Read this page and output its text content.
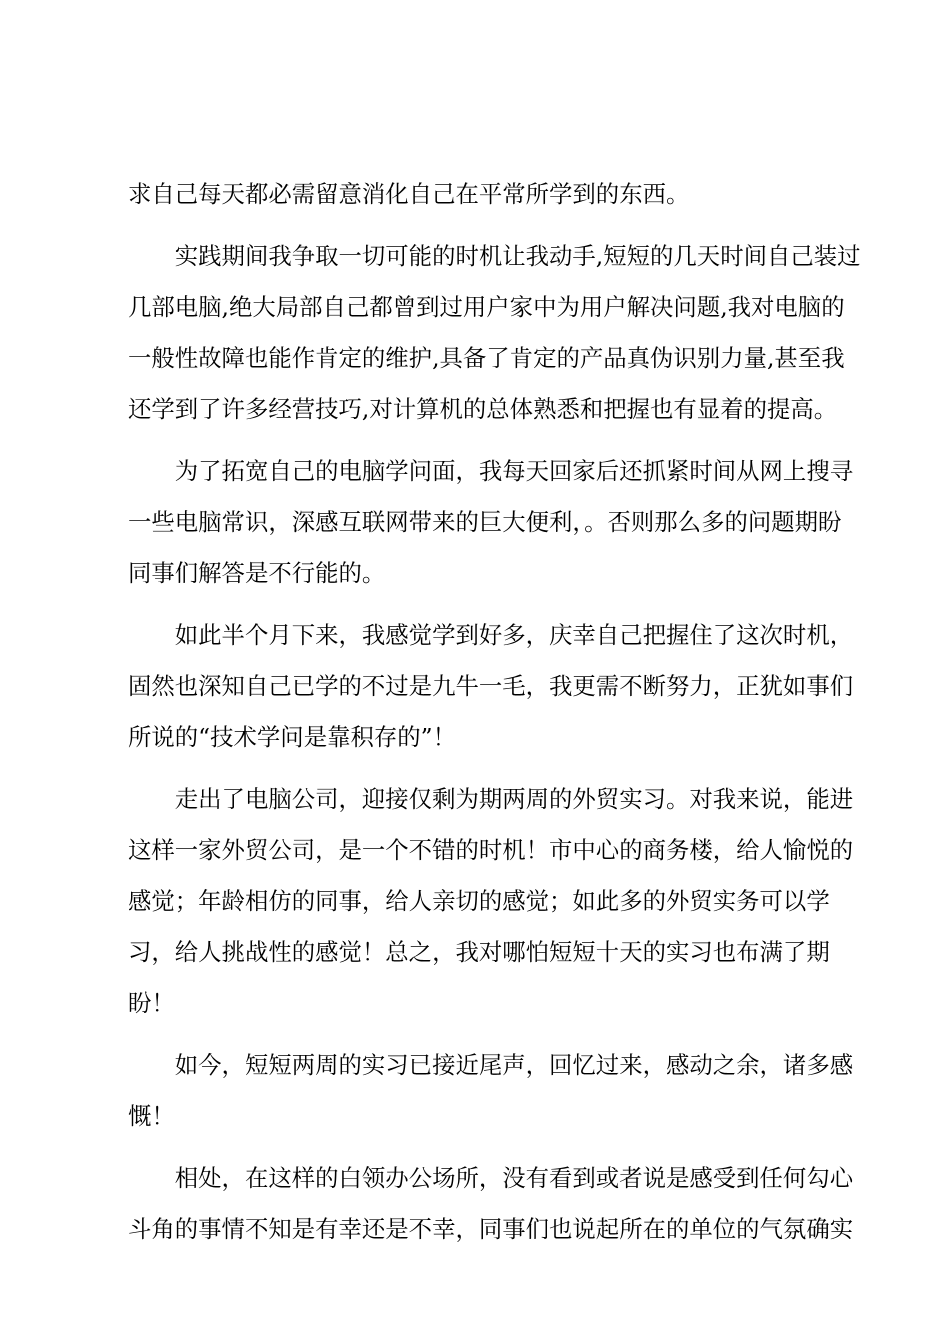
求自己每天都必需留意消化自己在平常所学到的东西。
　　实践期间我争取一切可能的时机让我动手,短短的几天时间自己装过
几部电脑,绝大局部自己都曾到过用户家中为用户解决问题,我对电脑的
一般性故障也能作肯定的维护,具备了肯定的产品真伪识别力量,甚至我
还学到了许多经营技巧,对计算机的总体熟悉和把握也有显着的提高。
　　为了拓宽自己的电脑学问面，我每天回家后还抓紧时间从网上搜寻
一些电脑常识，深感互联网带来的巨大便利，。否则那么多的问题期盼
同事们解答是不行能的。
　　如此半个月下来，我感觉学到好多，庆幸自己把握住了这次时机，
固然也深知自己已学的不过是九牛一毛，我更需不断努力，正犹如事们
所说的“技术学问是靠积存的”！
　　走出了电脑公司，迎接仅剩为期两周的外贸实习。对我来说，能进
这样一家外贸公司，是一个不错的时机！市中心的商务楼，给人愉悦的
感觉；年龄相仿的同事，给人亲切的感觉；如此多的外贸实务可以学
习，给人挑战性的感觉！总之，我对哪怕短短十天的实习也布满了期
盼！
　　如今，短短两周的实习已接近尾声，回忆过来，感动之余，诸多感
慨！
　　相处，在这样的白领办公场所，没有看到或者说是感受到任何勾心
斗角的事情不知是有幸还是不幸，同事们也说起所在的单位的气氛确实
